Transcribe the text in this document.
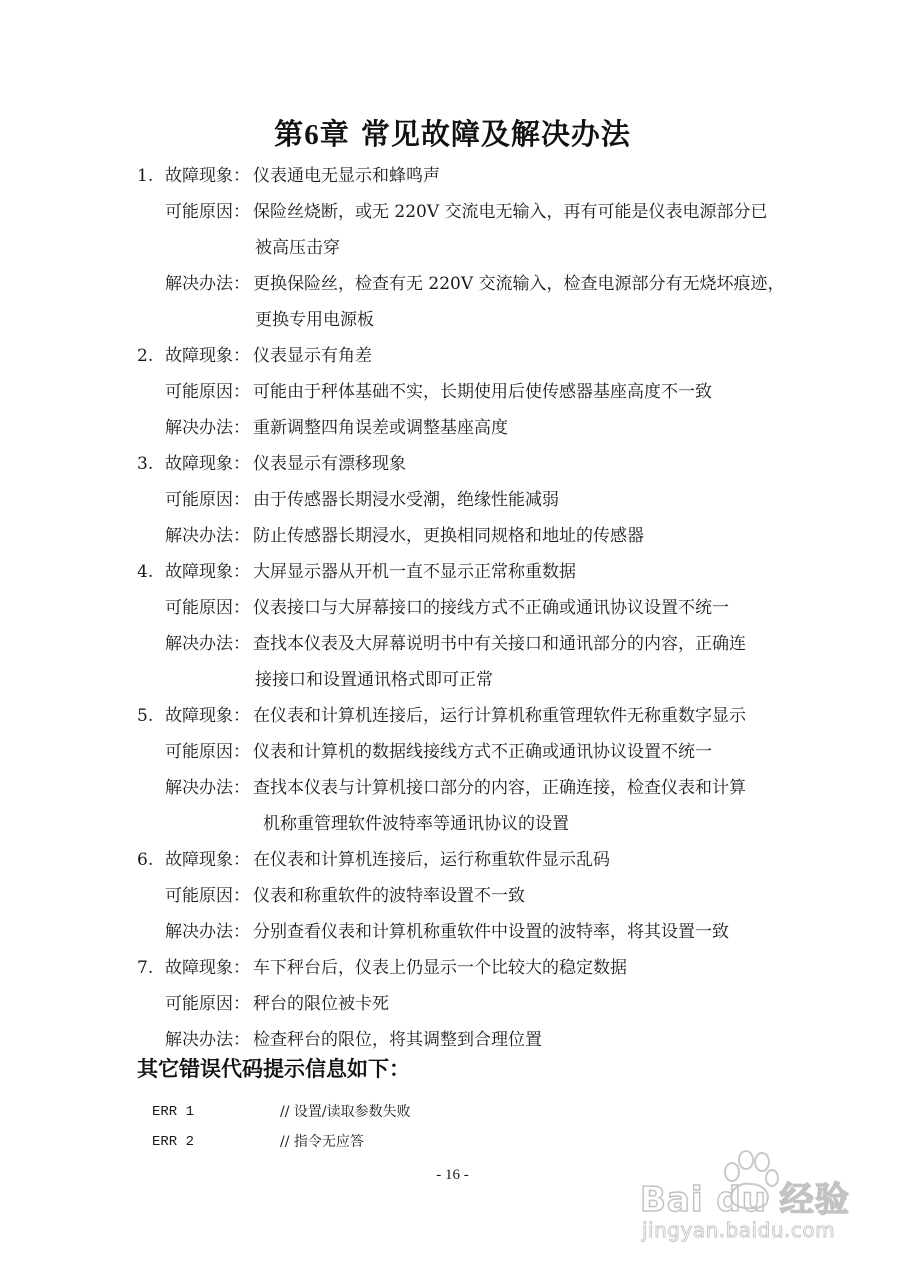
第6章 常见故障及解决办法
1. 故障现象： 仪表通电无显示和蜂鸣声
可能原因： 保险丝烧断，或无 220V 交流电无输入，再有可能是仪表电源部分已
被高压击穿
解决办法： 更换保险丝，检查有无 220V 交流输入，检查电源部分有无烧坏痕迹，
更换专用电源板
2. 故障现象： 仪表显示有角差
可能原因： 可能由于秤体基础不实，长期使用后使传感器基座高度不一致
解决办法： 重新调整四角误差或调整基座高度
3. 故障现象： 仪表显示有漂移现象
可能原因： 由于传感器长期浸水受潮，绝缘性能减弱
解决办法： 防止传感器长期浸水，更换相同规格和地址的传感器
4. 故障现象： 大屏显示器从开机一直不显示正常称重数据
可能原因： 仪表接口与大屏幕接口的接线方式不正确或通讯协议设置不统一
解决办法： 查找本仪表及大屏幕说明书中有关接口和通讯部分的内容，正确连
接接口和设置通讯格式即可正常
5. 故障现象： 在仪表和计算机连接后，运行计算机称重管理软件无称重数字显示
可能原因： 仪表和计算机的数据线接线方式不正确或通讯协议设置不统一
解决办法： 查找本仪表与计算机接口部分的内容，正确连接，检查仪表和计算
机称重管理软件波特率等通讯协议的设置
6. 故障现象： 在仪表和计算机连接后，运行称重软件显示乱码
可能原因： 仪表和称重软件的波特率设置不一致
解决办法： 分别查看仪表和计算机称重软件中设置的波特率，将其设置一致
7. 故障现象： 车下秤台后，仪表上仍显示一个比较大的稳定数据
可能原因： 秤台的限位被卡死
解决办法： 检查秤台的限位，将其调整到合理位置
其它错误代码提示信息如下：
ERR 1	// 设置/读取参数失败
ERR 2	// 指令无应答
- 16 -
Bai du 经验
jingyan.baidu.com
